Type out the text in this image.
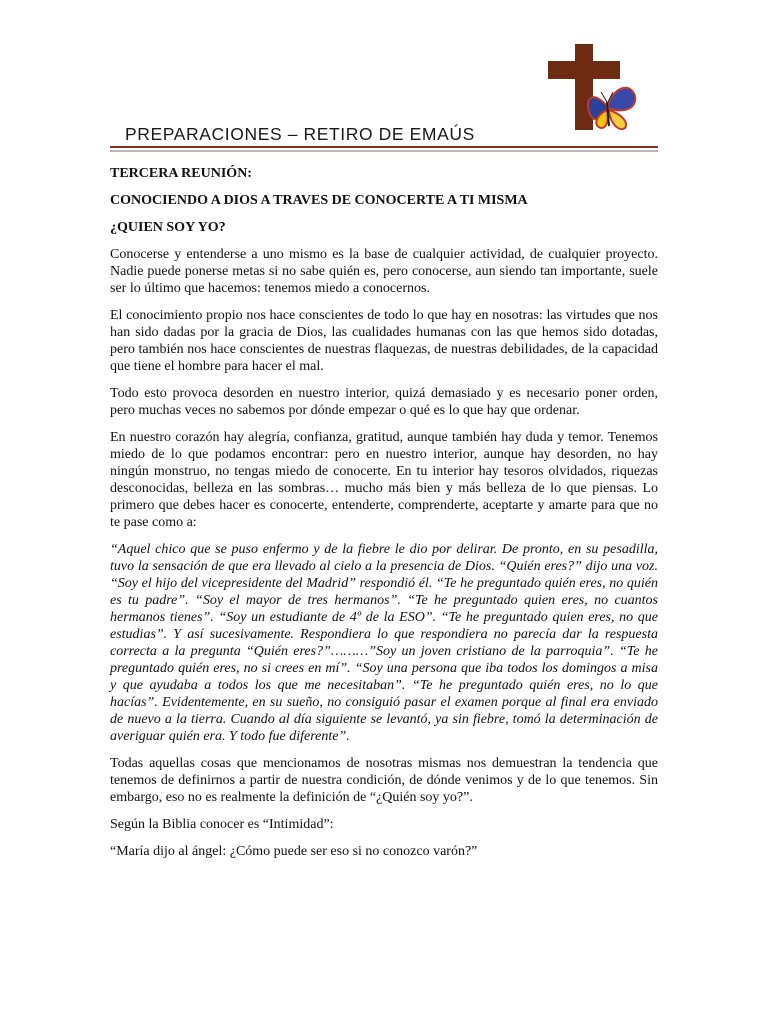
PREPARACIONES – RETIRO DE EMAÚS

TERCERA REUNIÓN:

CONOCIENDO A DIOS A TRAVES DE CONOCERTE A TI MISMA

¿QUIEN SOY YO?

Conocerse y entenderse a uno mismo es la base de cualquier actividad, de cualquier proyecto. Nadie puede ponerse metas si no sabe quién es, pero conocerse, aun siendo tan importante, suele ser lo último que hacemos: tenemos miedo a conocernos.

El conocimiento propio nos hace conscientes de todo lo que hay en nosotras: las virtudes que nos han sido dadas por la gracia de Dios, las cualidades humanas con las que hemos sido dotadas, pero también nos hace conscientes de nuestras flaquezas, de nuestras debilidades, de la capacidad que tiene el hombre para hacer el mal.

Todo esto provoca desorden en nuestro interior, quizá demasiado y es necesario poner orden, pero muchas veces no sabemos por dónde empezar o qué es lo que hay que ordenar.

En nuestro corazón hay alegría, confianza, gratitud, aunque también hay duda y temor. Tenemos miedo de lo que podamos encontrar: pero en nuestro interior, aunque hay desorden, no hay ningún monstruo, no tengas miedo de conocerte. En tu interior hay tesoros olvidados, riquezas desconocidas, belleza en las sombras… mucho más bien y más belleza de lo que piensas. Lo primero que debes hacer es conocerte, entenderte, comprenderte, aceptarte y amarte para que no te pase como a:

“Aquel chico que se puso enfermo y de la fiebre le dio por delirar. De pronto, en su pesadilla, tuvo la sensación de que era llevado al cielo a la presencia de Dios. “Quién eres?” dijo una voz. “Soy el hijo del vicepresidente del Madrid” respondió él. “Te he preguntado quién eres, no quién es tu padre”. “Soy el mayor de tres hermanos”. “Te he preguntado quien eres, no cuantos hermanos tienes”. “Soy un estudiante de 4º de la ESO”. “Te he preguntado quien eres, no que estudias”. Y así sucesivamente. Respondiera lo que respondiera no parecía dar la respuesta correcta a la pregunta “Quién eres?”………”Soy un joven cristiano de la parroquia”. “Te he preguntado quién eres, no si crees en mí”. “Soy una persona que iba todos los domingos a misa y que ayudaba a todos los que me necesitaban”. “Te he preguntado quién eres, no lo que hacías”. Evidentemente, en su sueño, no consiguió pasar el examen porque al final era enviado de nuevo a la tierra. Cuando al día siguiente se levantó, ya sin fiebre, tomó la determinación de averiguar quién era. Y todo fue diferente”.

Todas aquellas cosas que mencionamos de nosotras mismas nos demuestran la tendencia que tenemos de definirnos a partir de nuestra condición, de dónde venimos y de lo que tenemos. Sin embargo, eso no es realmente la definición de “¿Quién soy yo?”.

Según la Biblia conocer es “Intimidad”:

“María dijo al ángel: ¿Cómo puede ser eso si no conozco varón?”
